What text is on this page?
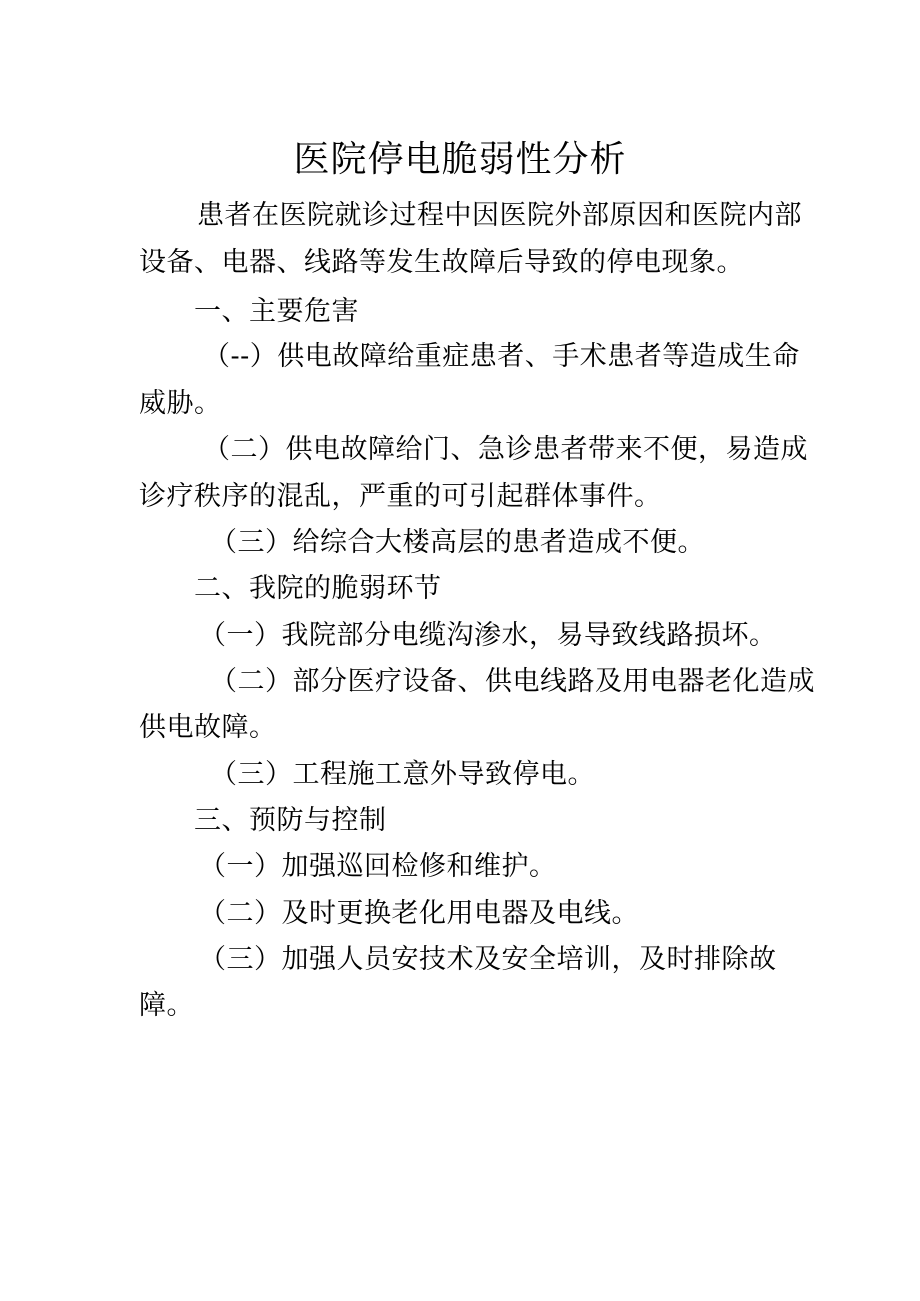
医院停电脆弱性分析
患者在医院就诊过程中因医院外部原因和医院内部
设备、电器、线路等发生故障后导致的停电现象。
一、主要危害
（--）供电故障给重症患者、手术患者等造成生命
威胁。
（二）供电故障给门、急诊患者带来不便，易造成
诊疗秩序的混乱，严重的可引起群体事件。
（三）给综合大楼高层的患者造成不便。
二、我院的脆弱环节
（一）我院部分电缆沟渗水，易导致线路损坏。
（二）部分医疗设备、供电线路及用电器老化造成
供电故障。
（三）工程施工意外导致停电。
三、预防与控制
（一）加强巡回检修和维护。
（二）及时更换老化用电器及电线。
（三）加强人员安技术及安全培训，及时排除故
障。
